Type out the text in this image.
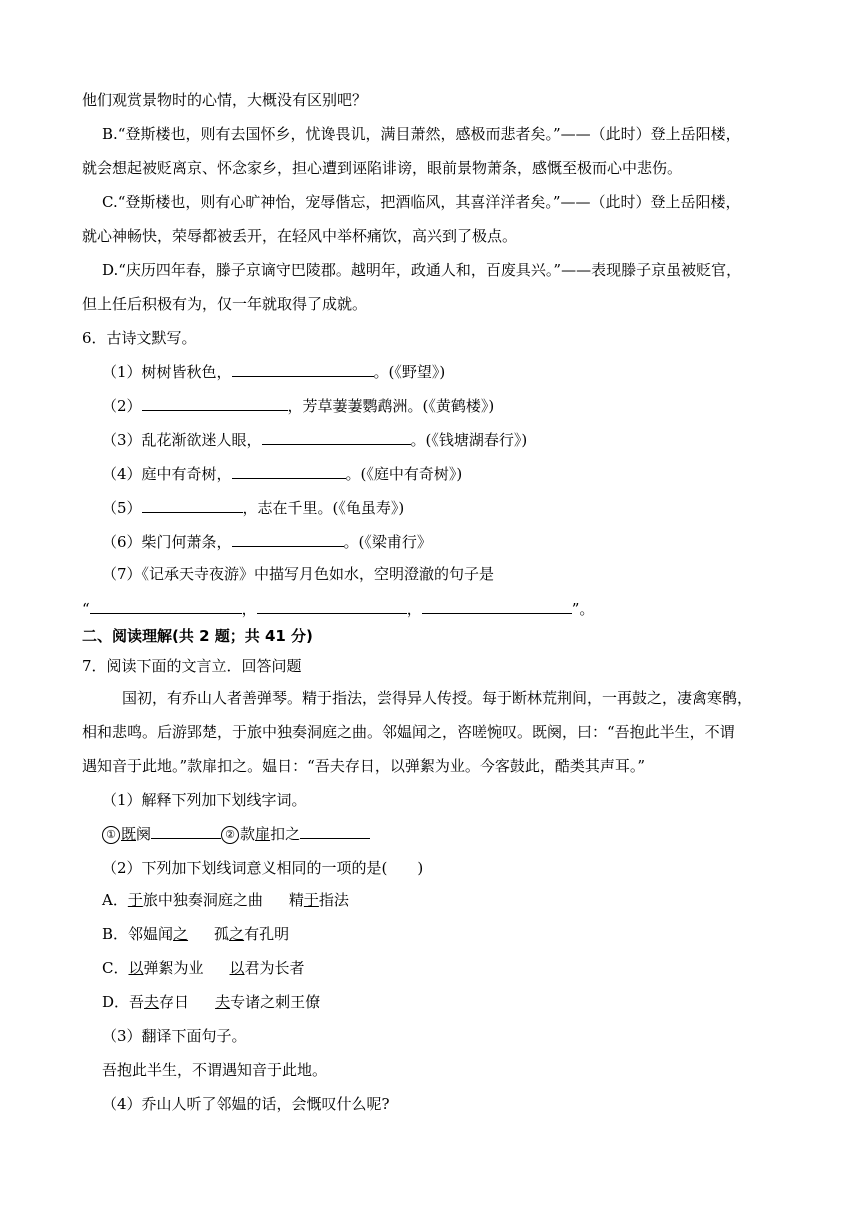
他们观赏景物时的心情，大概没有区别吧？
B.“登斯楼也，则有去国怀乡，忧谗畏讥，满目萧然，感极而悲者矣。”——（此时）登上岳阳楼，
就会想起被贬离京、怀念家乡，担心遭到诬陷诽谤，眼前景物萧条，感慨至极而心中悲伤。
C.“登斯楼也，则有心旷神怡，宠辱偕忘，把酒临风，其喜洋洋者矣。”——（此时）登上岳阳楼，
就心神畅快，荣辱都被丢开，在轻风中举杯痛饮，高兴到了极点。
D.“庆历四年春，滕子京谪守巴陵郡。越明年，政通人和，百废具兴。”——表现滕子京虽被贬官，
但上任后积极有为，仅一年就取得了成就。
6．古诗文默写。
（1）树树皆秋色，	。(《野望》)
（2）	，芳草萋萋鹦鹉洲。(《黄鹤楼》)
（3）乱花渐欲迷人眼，	。(《钱塘湖春行》)
（4）庭中有奇树，	。(《庭中有奇树》)
（5）	，志在千里。(《龟虽寿》)
（6）柴门何萧条，	。(《梁甫行》
（7）《记承天寺夜游》中描写月色如水，空明澄澈的句子是
“	，	，	”。
二、阅读理解(共 2 题；共 41 分)
7．阅读下面的文言立．回答问题
国初，有乔山人者善弹琴。精于指法，尝得异人传授。每于断林荒荆间，一再鼓之，凄禽寒鹘，
相和悲鸣。后游郢楚，于旅中独奏洞庭之曲。邻媪闻之，咨嗟惋叹。既阕，曰：“吾抱此半生，不谓
遇知音于此地。”款扉扣之。媪日：“吾夫存日，以弹絮为业。今客鼓此，酷类其声耳。”
（1）解释下列加下划线字词。
① 既阕	② 款扉扣之
（2）下列加下划线词意义相同的一项的是(　　)
A．于旅中独奏洞庭之曲 精于指法
B．邻媪闻之 孤之有孔明
C．以弹絮为业 以君为长者
D．吾夫存日 夫专诸之刺王僚
（3）翻译下面句子。
吾抱此半生，不谓遇知音于此地。
（4）乔山人听了邻媪的话，会慨叹什么呢?
